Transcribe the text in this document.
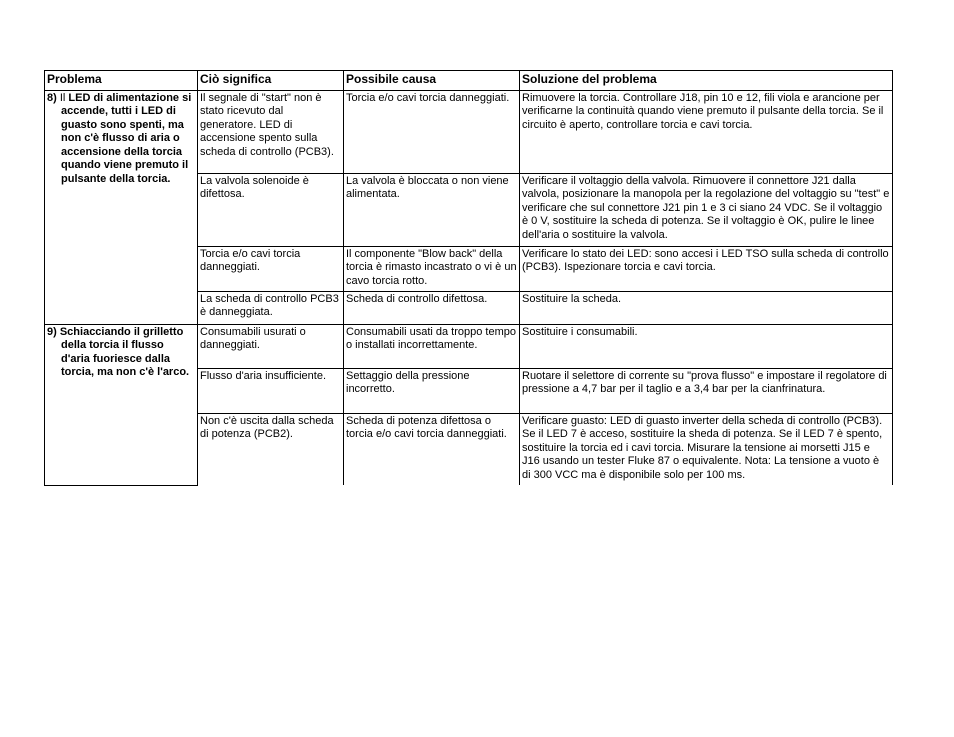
Problema	Ciò significa	Possibile causa	Soluzione del problema

8) Il LED di alimentazione si accende, tutti i LED di guasto sono spenti, ma non c'è flusso di aria o accensione della torcia quando viene premuto il pulsante della torcia.	Il segnale di "start" non è stato ricevuto dal generatore. LED di accensione spento sulla scheda di controllo (PCB3).	Torcia e/o cavi torcia danneggiati.	Rimuovere la torcia. Controllare J18, pin 10 e 12, fili viola e arancione per verificarne la continuità quando viene premuto il pulsante della torcia. Se il circuito è aperto, controllare torcia e cavi torcia.
	La valvola solenoide è difettosa.	La valvola è bloccata o non viene alimentata.	Verificare il voltaggio della valvola. Rimuovere il connettore J21 dalla valvola, posizionare la manopola per la regolazione del voltaggio su "test" e verificare che sul connettore J21 pin 1 e 3 ci siano 24 VDC. Se il voltaggio è 0 V, sostituire la scheda di potenza. Se il voltaggio è OK, pulire le linee dell'aria o sostituire la valvola.
	Torcia e/o cavi torcia danneggiati.	Il componente "Blow back" della torcia è rimasto incastrato o vi è un cavo torcia rotto.	Verificare lo stato dei LED: sono accesi i LED TSO sulla scheda di controllo (PCB3). Ispezionare torcia e cavi torcia.
	La scheda di controllo PCB3 è danneggiata.	Scheda di controllo difettosa.	Sostituire la scheda.

9) Schiacciando il grilletto della torcia il flusso d'aria fuoriesce dalla torcia, ma non c'è l'arco.	Consumabili usurati o danneggiati.	Consumabili usati da troppo tempo o installati incorrettamente.	Sostituire i consumabili.
	Flusso d'aria insufficiente.	Settaggio della pressione incorretto.	Ruotare il selettore di corrente su "prova flusso" e impostare il regolatore di pressione a 4,7 bar per il taglio e a 3,4 bar per la cianfrinatura.
	Non c'è uscita dalla scheda di potenza (PCB2).	Scheda di potenza difettosa o torcia e/o cavi torcia danneggiati.	Verificare guasto: LED di guasto inverter della scheda di controllo (PCB3). Se il LED 7 è acceso, sostituire la sheda di potenza. Se il LED 7 è spento, sostituire la torcia ed i cavi torcia. Misurare la tensione ai morsetti J15 e J16 usando un tester Fluke 87 o equivalente. Nota: La tensione a vuoto è di 300 VCC ma è disponibile solo per 100 ms.
